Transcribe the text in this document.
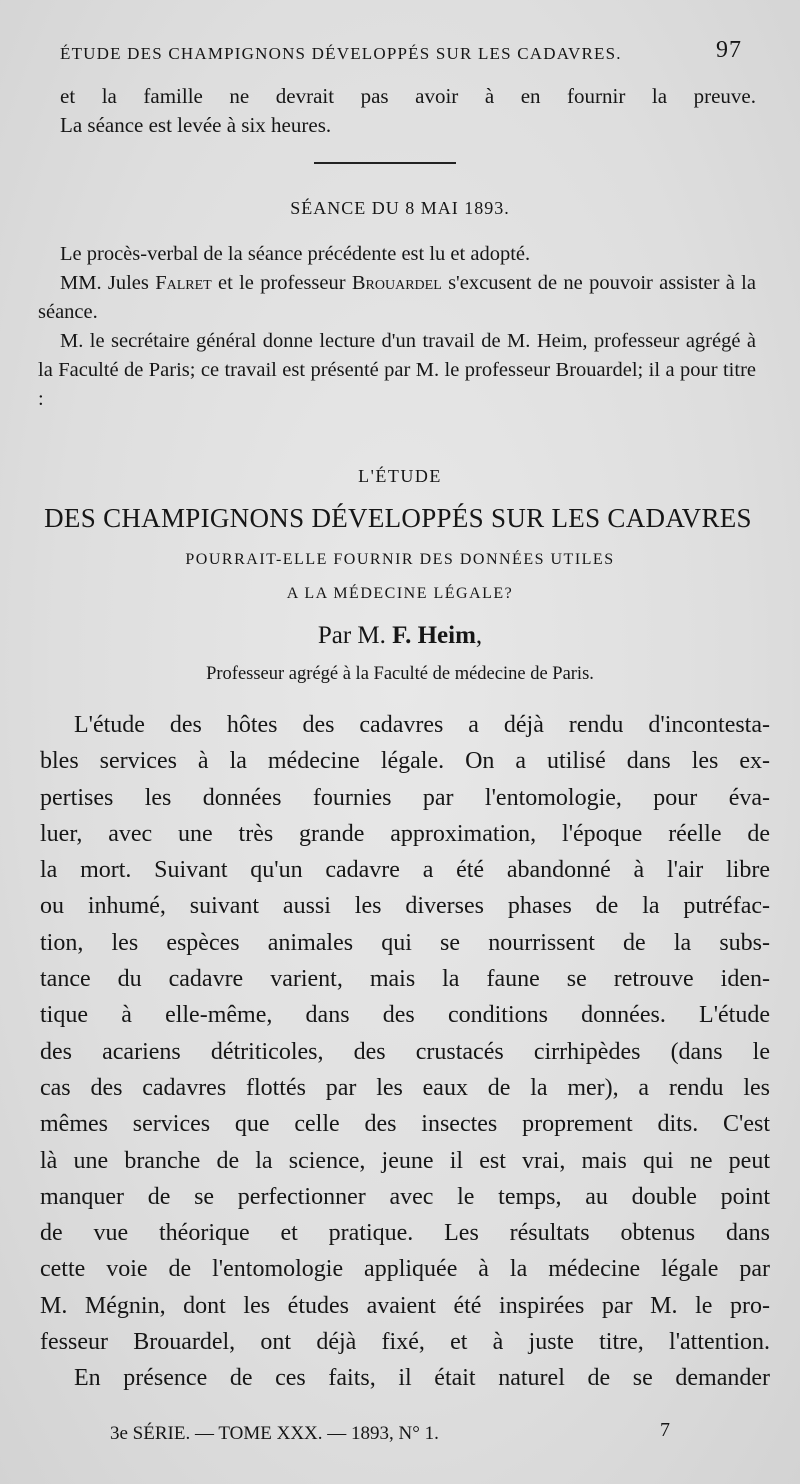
ÉTUDE DES CHAMPIGNONS DÉVELOPPÉS SUR LES CADAVRES.	97
et la famille ne devrait pas avoir à en fournir la preuve.
La séance est levée à six heures.
SÉANCE DU 8 MAI 1893.

Le procès-verbal de la séance précédente est lu et adopté.

MM. Jules Falret et le professeur Brouardel s'excusent de ne pouvoir assister à la séance.

M. le secrétaire général donne lecture d'un travail de M. Heim, professeur agrégé à la Faculté de Paris; ce travail est présenté par M. le professeur Brouardel; il a pour titre :

L'ÉTUDE
DES CHAMPIGNONS DÉVELOPPÉS SUR LES CADAVRES
POURRAIT-ELLE FOURNIR DES DONNÉES UTILES
A LA MÉDECINE LÉGALE?
Par M. F. Heim,
Professeur agrégé à la Faculté de médecine de Paris.
L'étude des hôtes des cadavres a déjà rendu d'incontesta-
bles services à la médecine légale. On a utilisé dans les ex-
pertises les données fournies par l'entomologie, pour éva-
luer, avec une très grande approximation, l'époque réelle de
la mort. Suivant qu'un cadavre a été abandonné à l'air libre
ou inhumé, suivant aussi les diverses phases de la putréfac-
tion, les espèces animales qui se nourrissent de la subs-
tance du cadavre varient, mais la faune se retrouve iden-
tique à elle-même, dans des conditions données. L'étude
des acariens détriticoles, des crustacés cirrhipèdes (dans le
cas des cadavres flottés par les eaux de la mer), a rendu les
mêmes services que celle des insectes proprement dits. C'est
là une branche de la science, jeune il est vrai, mais qui ne peut
manquer de se perfectionner avec le temps, au double point
de vue théorique et pratique. Les résultats obtenus dans
cette voie de l'entomologie appliquée à la médecine légale par
M. Mégnin, dont les études avaient été inspirées par M. le pro-
fesseur Brouardel, ont déjà fixé, et à juste titre, l'attention.
En présence de ces faits, il était naturel de se demander
3e SÉRIE. — TOME XXX. — 1893, N° 1.	7
